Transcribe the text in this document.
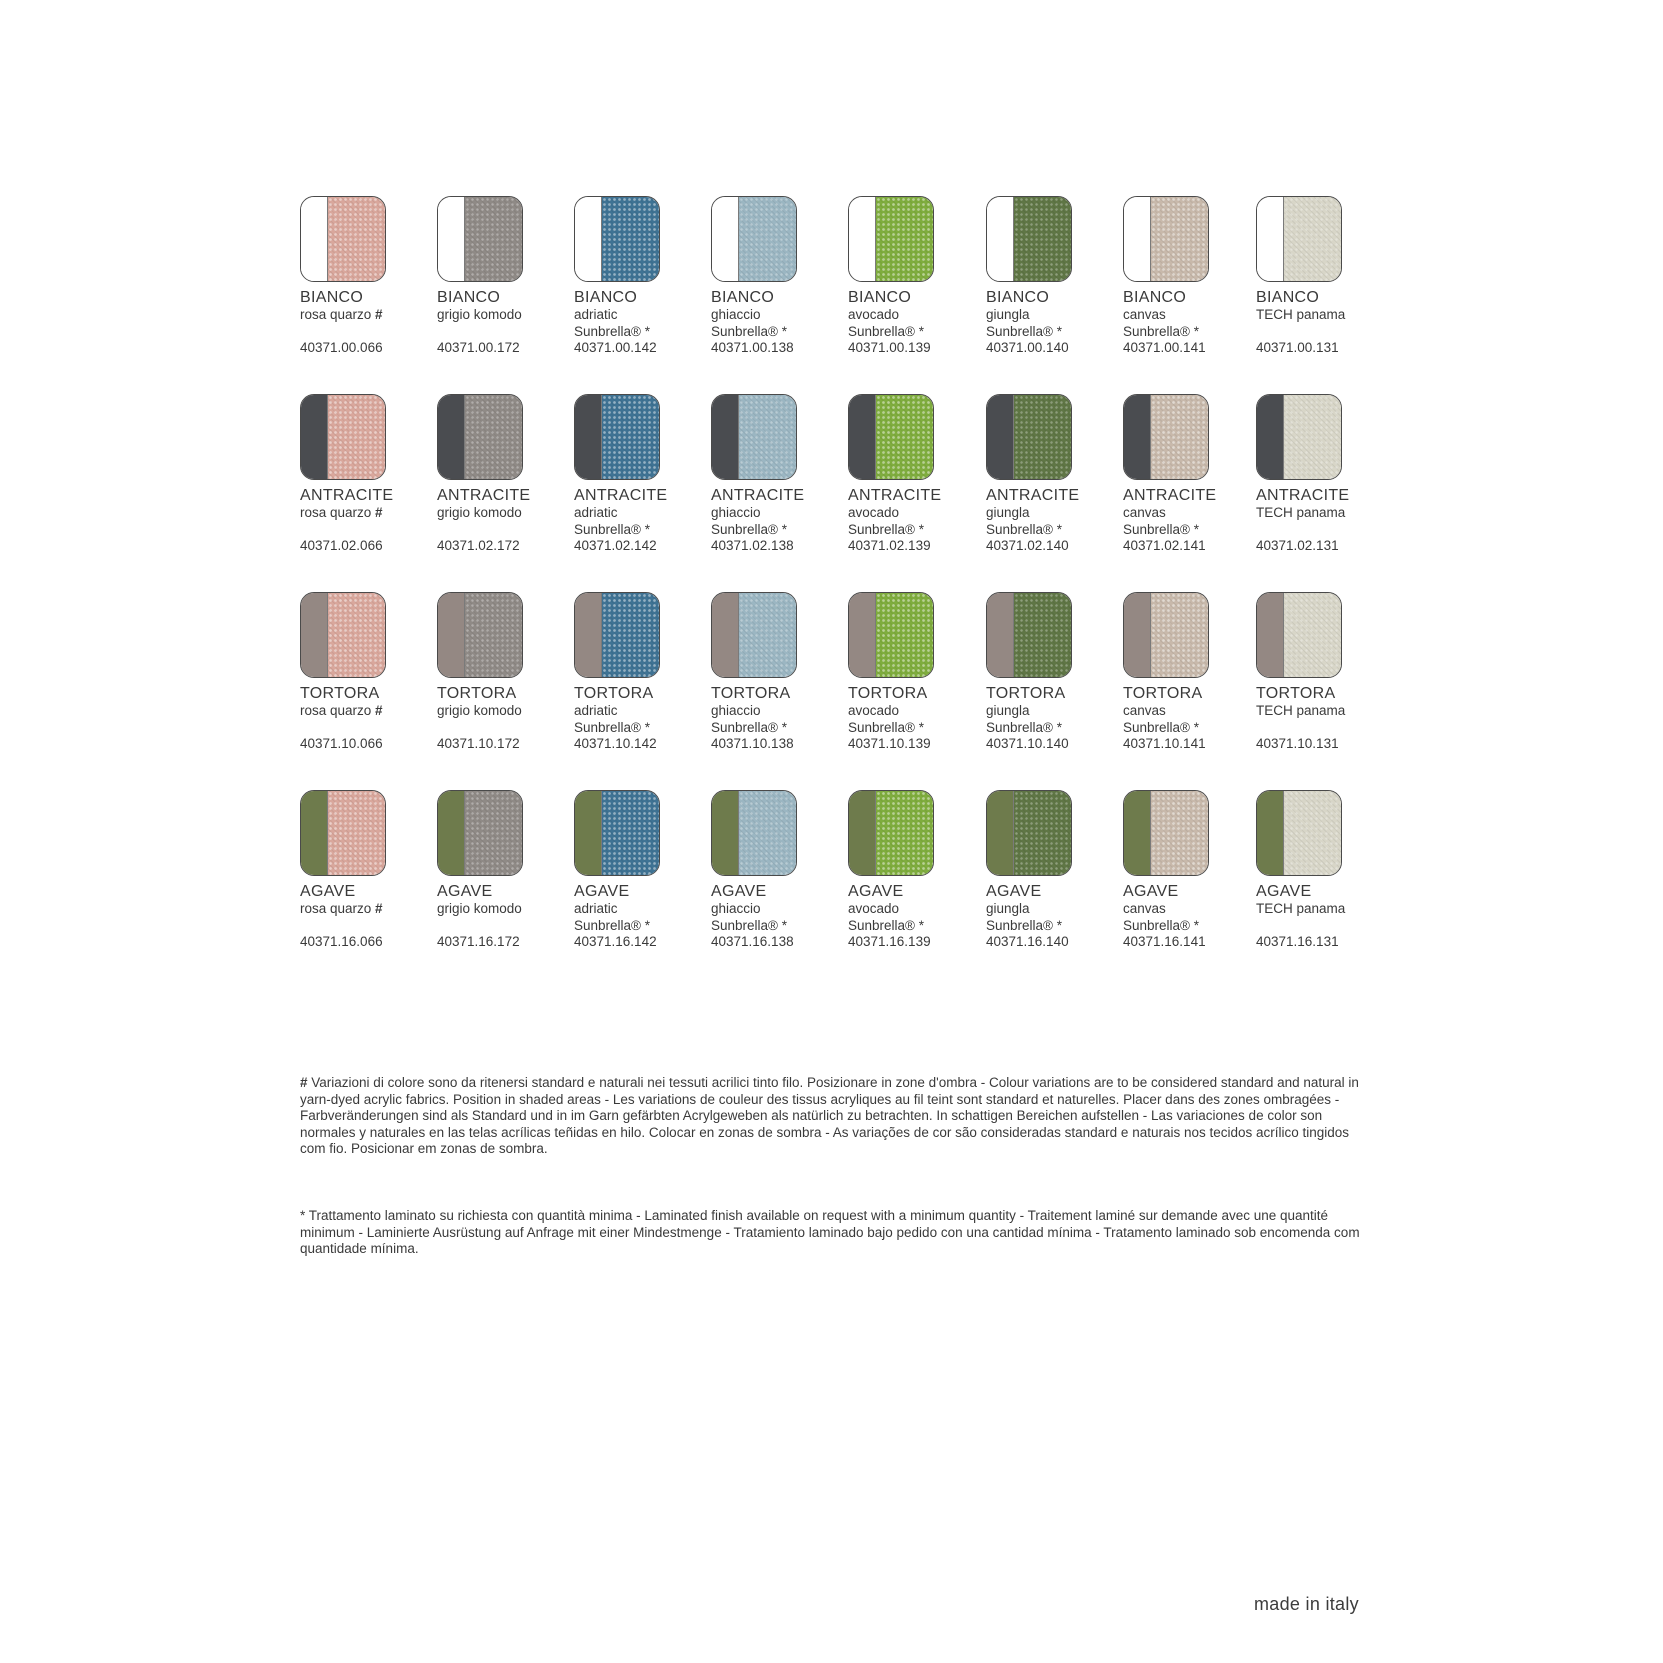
BIANCO
rosa quarzo #

40371.00.066
BIANCO
grigio komodo

40371.00.172
BIANCO
adriatic
Sunbrella® *
40371.00.142
BIANCO
ghiaccio
Sunbrella® *
40371.00.138
BIANCO
avocado
Sunbrella® *
40371.00.139
BIANCO
giungla
Sunbrella® *
40371.00.140
BIANCO
canvas
Sunbrella® *
40371.00.141
BIANCO
TECH panama

40371.00.131
ANTRACITE
rosa quarzo #

40371.02.066
ANTRACITE
grigio komodo

40371.02.172
ANTRACITE
adriatic
Sunbrella® *
40371.02.142
ANTRACITE
ghiaccio
Sunbrella® *
40371.02.138
ANTRACITE
avocado
Sunbrella® *
40371.02.139
ANTRACITE
giungla
Sunbrella® *
40371.02.140
ANTRACITE
canvas
Sunbrella® *
40371.02.141
ANTRACITE
TECH panama

40371.02.131
TORTORA
rosa quarzo #

40371.10.066
TORTORA
grigio komodo

40371.10.172
TORTORA
adriatic
Sunbrella® *
40371.10.142
TORTORA
ghiaccio
Sunbrella® *
40371.10.138
TORTORA
avocado
Sunbrella® *
40371.10.139
TORTORA
giungla
Sunbrella® *
40371.10.140
TORTORA
canvas
Sunbrella® *
40371.10.141
TORTORA
TECH panama

40371.10.131
AGAVE
rosa quarzo #

40371.16.066
AGAVE
grigio komodo

40371.16.172
AGAVE
adriatic
Sunbrella® *
40371.16.142
AGAVE
ghiaccio
Sunbrella® *
40371.16.138
AGAVE
avocado
Sunbrella® *
40371.16.139
AGAVE
giungla
Sunbrella® *
40371.16.140
AGAVE
canvas
Sunbrella® *
40371.16.141
AGAVE
TECH panama

40371.16.131
# Variazioni di colore sono da ritenersi standard e naturali nei tessuti acrilici tinto filo. Posizionare in zone d'ombra - Colour variations are to be considered standard and natural in yarn-dyed acrylic fabrics. Position in shaded areas - Les variations de couleur des tissus acryliques au fil teint sont standard et naturelles. Placer dans des zones ombragées - Farbveränderungen sind als Standard und in im Garn gefärbten Acrylgeweben als natürlich zu betrachten. In schattigen Bereichen aufstellen - Las variaciones de color son normales y naturales en las telas acrílicas teñidas en hilo. Colocar en zonas de sombra - As variações de cor são consideradas standard e naturais nos tecidos acrílico tingidos com fio. Posicionar em zonas de sombra.
* Trattamento laminato su richiesta con quantità minima - Laminated finish available on request with a minimum quantity - Traitement laminé sur demande avec une quantité minimum - Laminierte Ausrüstung auf Anfrage mit einer Mindestmenge - Tratamiento laminado bajo pedido con una cantidad mínima - Tratamento laminado sob encomenda com quantidade mínima.
made in italy
